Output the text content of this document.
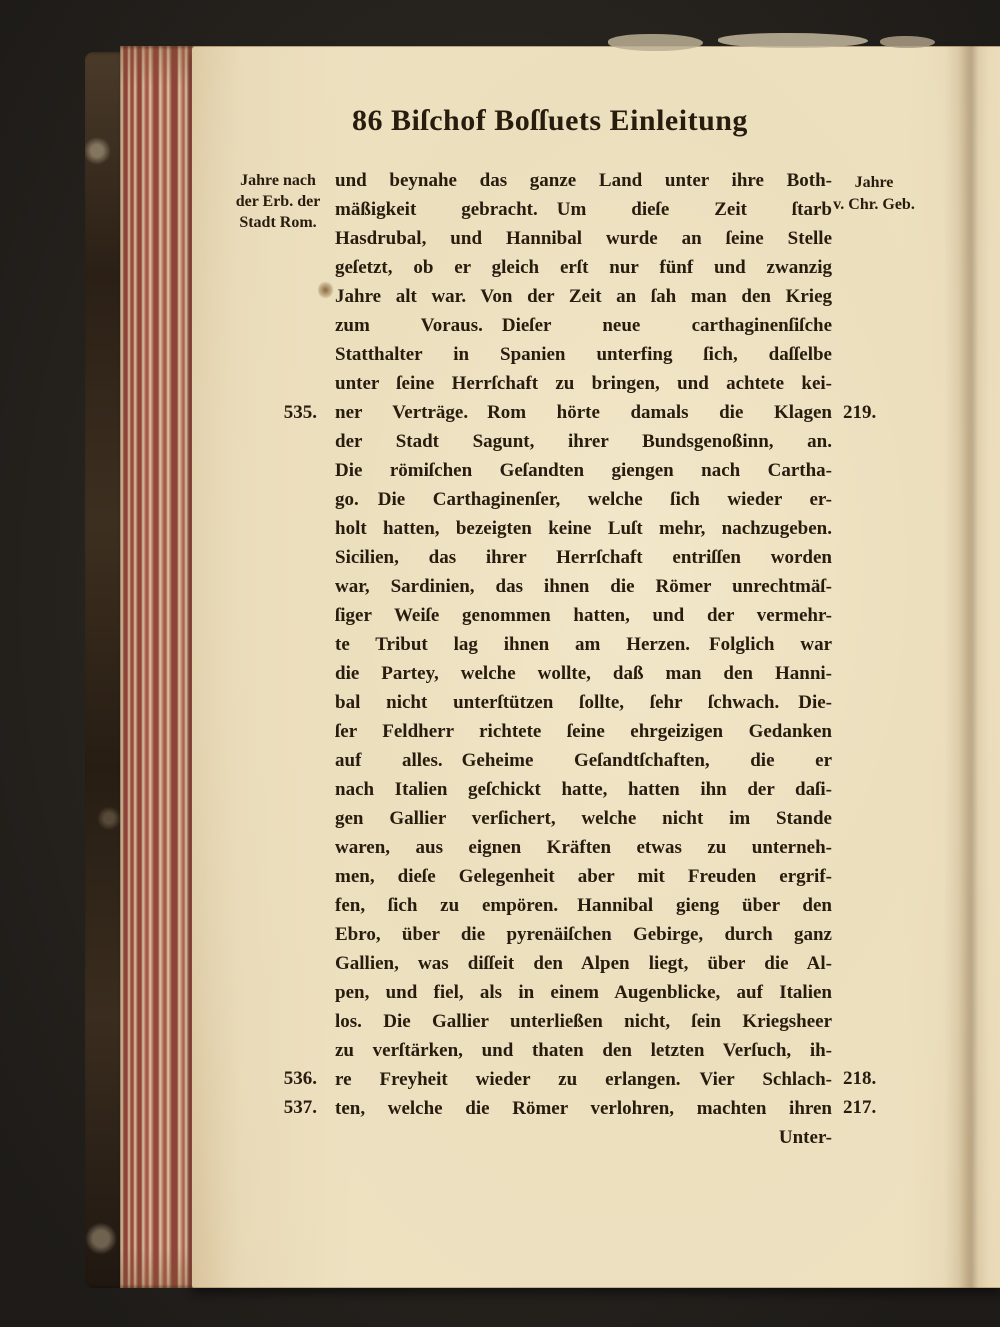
86 Biſchof Boſſuets Einleitung
Jahre nach
der Erb. der
Stadt Rom.
Jahre
v. Chr. Geb.
535.
536.
537.
219.
218.
217.
und beynahe das ganze Land unter ihre Both-
mäßigkeit gebracht. Um dieſe Zeit ſtarb
Hasdrubal, und Hannibal wurde an ſeine Stelle
geſetzt, ob er gleich erſt nur fünf und zwanzig
Jahre alt war. Von der Zeit an ſah man den Krieg
zum Voraus. Dieſer neue carthaginenſiſche
Statthalter in Spanien unterfing ſich, daſſelbe
unter ſeine Herrſchaft zu bringen, und achtete kei-
ner Verträge. Rom hörte damals die Klagen
der Stadt Sagunt, ihrer Bundsgenoßinn, an.
Die römiſchen Geſandten giengen nach Cartha-
go. Die Carthaginenſer, welche ſich wieder er-
holt hatten, bezeigten keine Luſt mehr, nachzugeben.
Sicilien, das ihrer Herrſchaft entriſſen worden
war, Sardinien, das ihnen die Römer unrechtmäſ-
ſiger Weiſe genommen hatten, und der vermehr-
te Tribut lag ihnen am Herzen. Folglich war
die Partey, welche wollte, daß man den Hanni-
bal nicht unterſtützen ſollte, ſehr ſchwach. Die-
ſer Feldherr richtete ſeine ehrgeizigen Gedanken
auf alles. Geheime Geſandtſchaften, die er
nach Italien geſchickt hatte, hatten ihn der daſi-
gen Gallier verſichert, welche nicht im Stande
waren, aus eignen Kräften etwas zu unterneh-
men, dieſe Gelegenheit aber mit Freuden ergrif-
fen, ſich zu empören. Hannibal gieng über den
Ebro, über die pyrenäiſchen Gebirge, durch ganz
Gallien, was diſſeit den Alpen liegt, über die Al-
pen, und fiel, als in einem Augenblicke, auf Italien
los. Die Gallier unterließen nicht, ſein Kriegsheer
zu verſtärken, und thaten den letzten Verſuch, ih-
re Freyheit wieder zu erlangen. Vier Schlach-
ten, welche die Römer verlohren, machten ihren
Unter-
